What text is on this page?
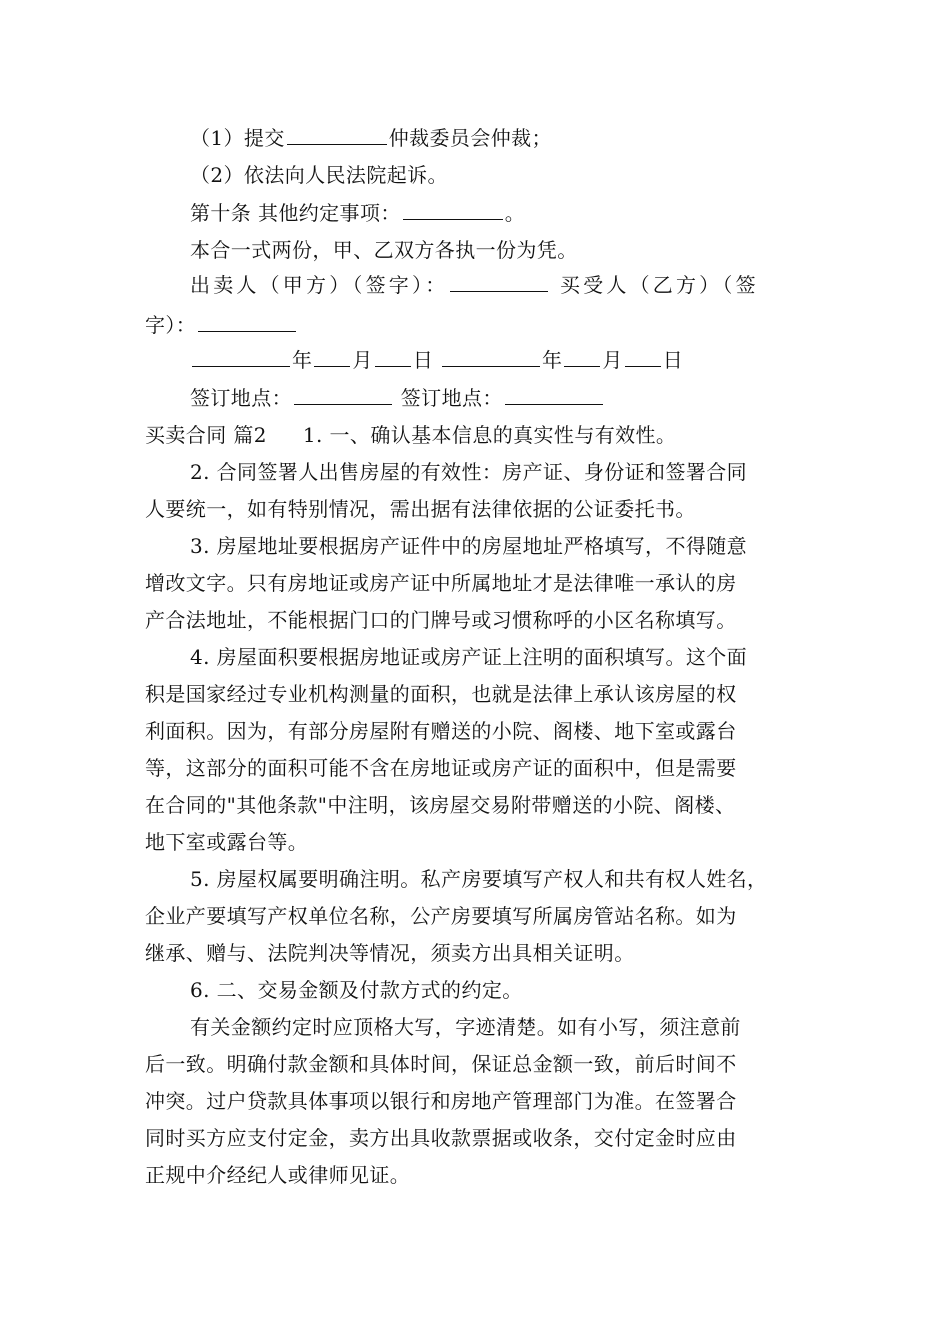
（1）提交	仲裁委员会仲裁；
（2）依法向人民法院起诉。
第十条 其他约定事项：	。
本合一式两份，甲、乙双方各执一份为凭。
出卖人（甲方）（签字）：	买受人（乙方）（签
字）：
年 月 日	年 月 日
签订地点：	签订地点：
买卖合同 篇2 1. 一、确认基本信息的真实性与有效性。
2. 合同签署人出售房屋的有效性：房产证、身份证和签署合同
人要统一，如有特别情况，需出据有法律依据的公证委托书。
3. 房屋地址要根据房产证件中的房屋地址严格填写，不得随意
增改文字。只有房地证或房产证中所属地址才是法律唯一承认的房
产合法地址，不能根据门口的门牌号或习惯称呼的小区名称填写。
4. 房屋面积要根据房地证或房产证上注明的面积填写。这个面
积是国家经过专业机构测量的面积，也就是法律上承认该房屋的权
利面积。因为，有部分房屋附有赠送的小院、阁楼、地下室或露台
等，这部分的面积可能不含在房地证或房产证的面积中，但是需要
在合同的"其他条款"中注明，该房屋交易附带赠送的小院、阁楼、
地下室或露台等。
5. 房屋权属要明确注明。私产房要填写产权人和共有权人姓名，
企业产要填写产权单位名称，公产房要填写所属房管站名称。如为
继承、赠与、法院判决等情况，须卖方出具相关证明。
6. 二、交易金额及付款方式的约定。
有关金额约定时应顶格大写，字迹清楚。如有小写，须注意前
后一致。明确付款金额和具体时间，保证总金额一致，前后时间不
冲突。过户贷款具体事项以银行和房地产管理部门为准。在签署合
同时买方应支付定金，卖方出具收款票据或收条，交付定金时应由
正规中介经纪人或律师见证。
